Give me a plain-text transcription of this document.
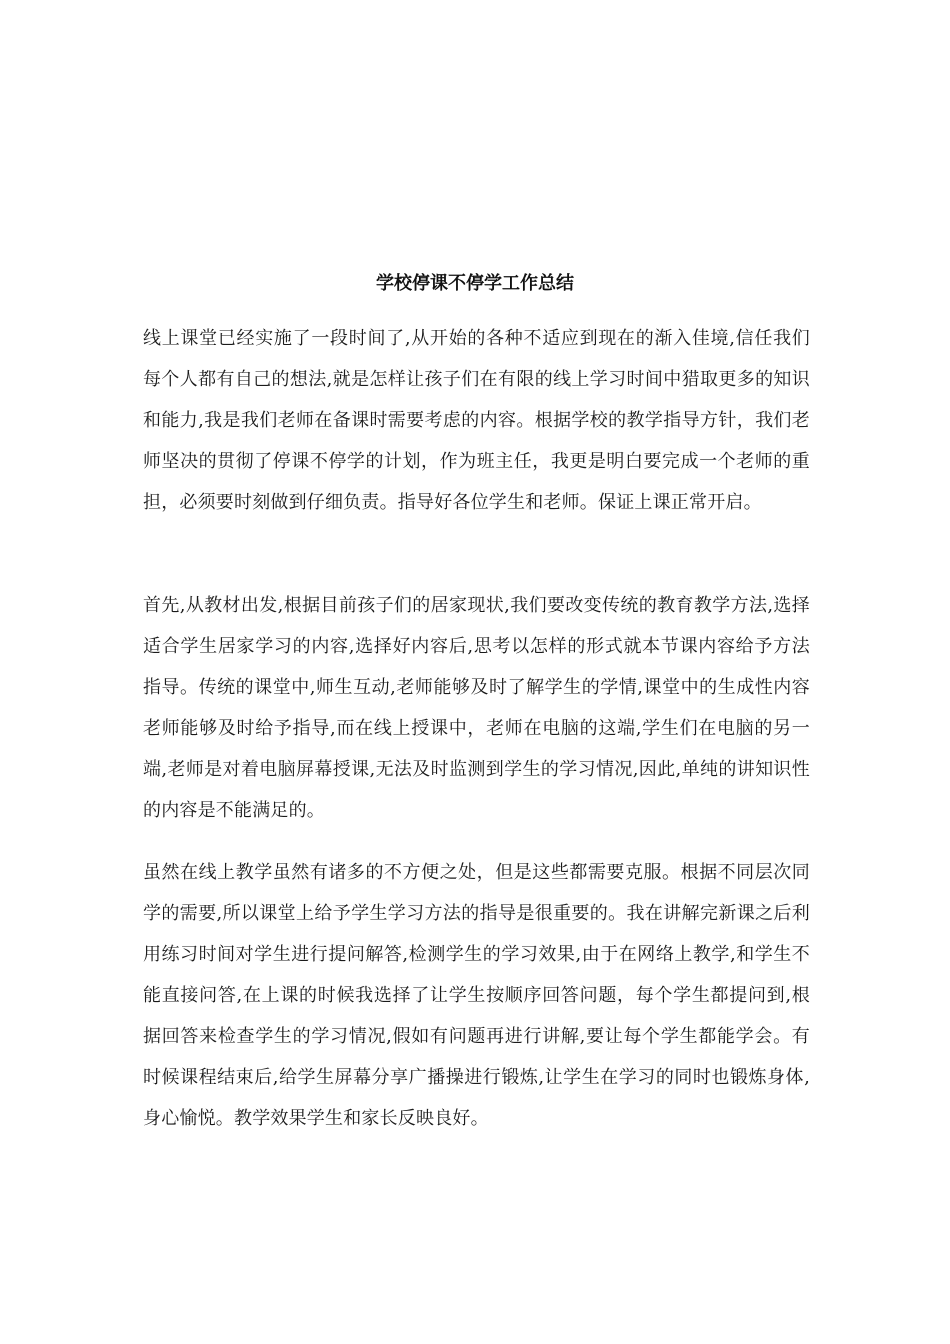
学校停课不停学工作总结

线上课堂已经实施了一段时间了,从开始的各种不适应到现在的渐入佳境,信任我们每个人都有自己的想法,就是怎样让孩子们在有限的线上学习时间中猎取更多的知识和能力,我是我们老师在备课时需要考虑的内容。根据学校的教学指导方针，我们老师坚决的贯彻了停课不停学的计划，作为班主任，我更是明白要完成一个老师的重担，必须要时刻做到仔细负责。指导好各位学生和老师。保证上课正常开启。

首先,从教材出发,根据目前孩子们的居家现状,我们要改变传统的教育教学方法,选择适合学生居家学习的内容,选择好内容后,思考以怎样的形式就本节课内容给予方法指导。传统的课堂中,师生互动,老师能够及时了解学生的学情,课堂中的生成性内容老师能够及时给予指导,而在线上授课中，老师在电脑的这端,学生们在电脑的另一端,老师是对着电脑屏幕授课,无法及时监测到学生的学习情况,因此,单纯的讲知识性的内容是不能满足的。

虽然在线上教学虽然有诸多的不方便之处，但是这些都需要克服。根据不同层次同学的需要,所以课堂上给予学生学习方法的指导是很重要的。我在讲解完新课之后利用练习时间对学生进行提问解答,检测学生的学习效果,由于在网络上教学,和学生不能直接问答,在上课的时候我选择了让学生按顺序回答问题，每个学生都提问到,根据回答来检查学生的学习情况,假如有问题再进行讲解,要让每个学生都能学会。有时候课程结束后,给学生屏幕分享广播操进行锻炼,让学生在学习的同时也锻炼身体,身心愉悦。教学效果学生和家长反映良好。
